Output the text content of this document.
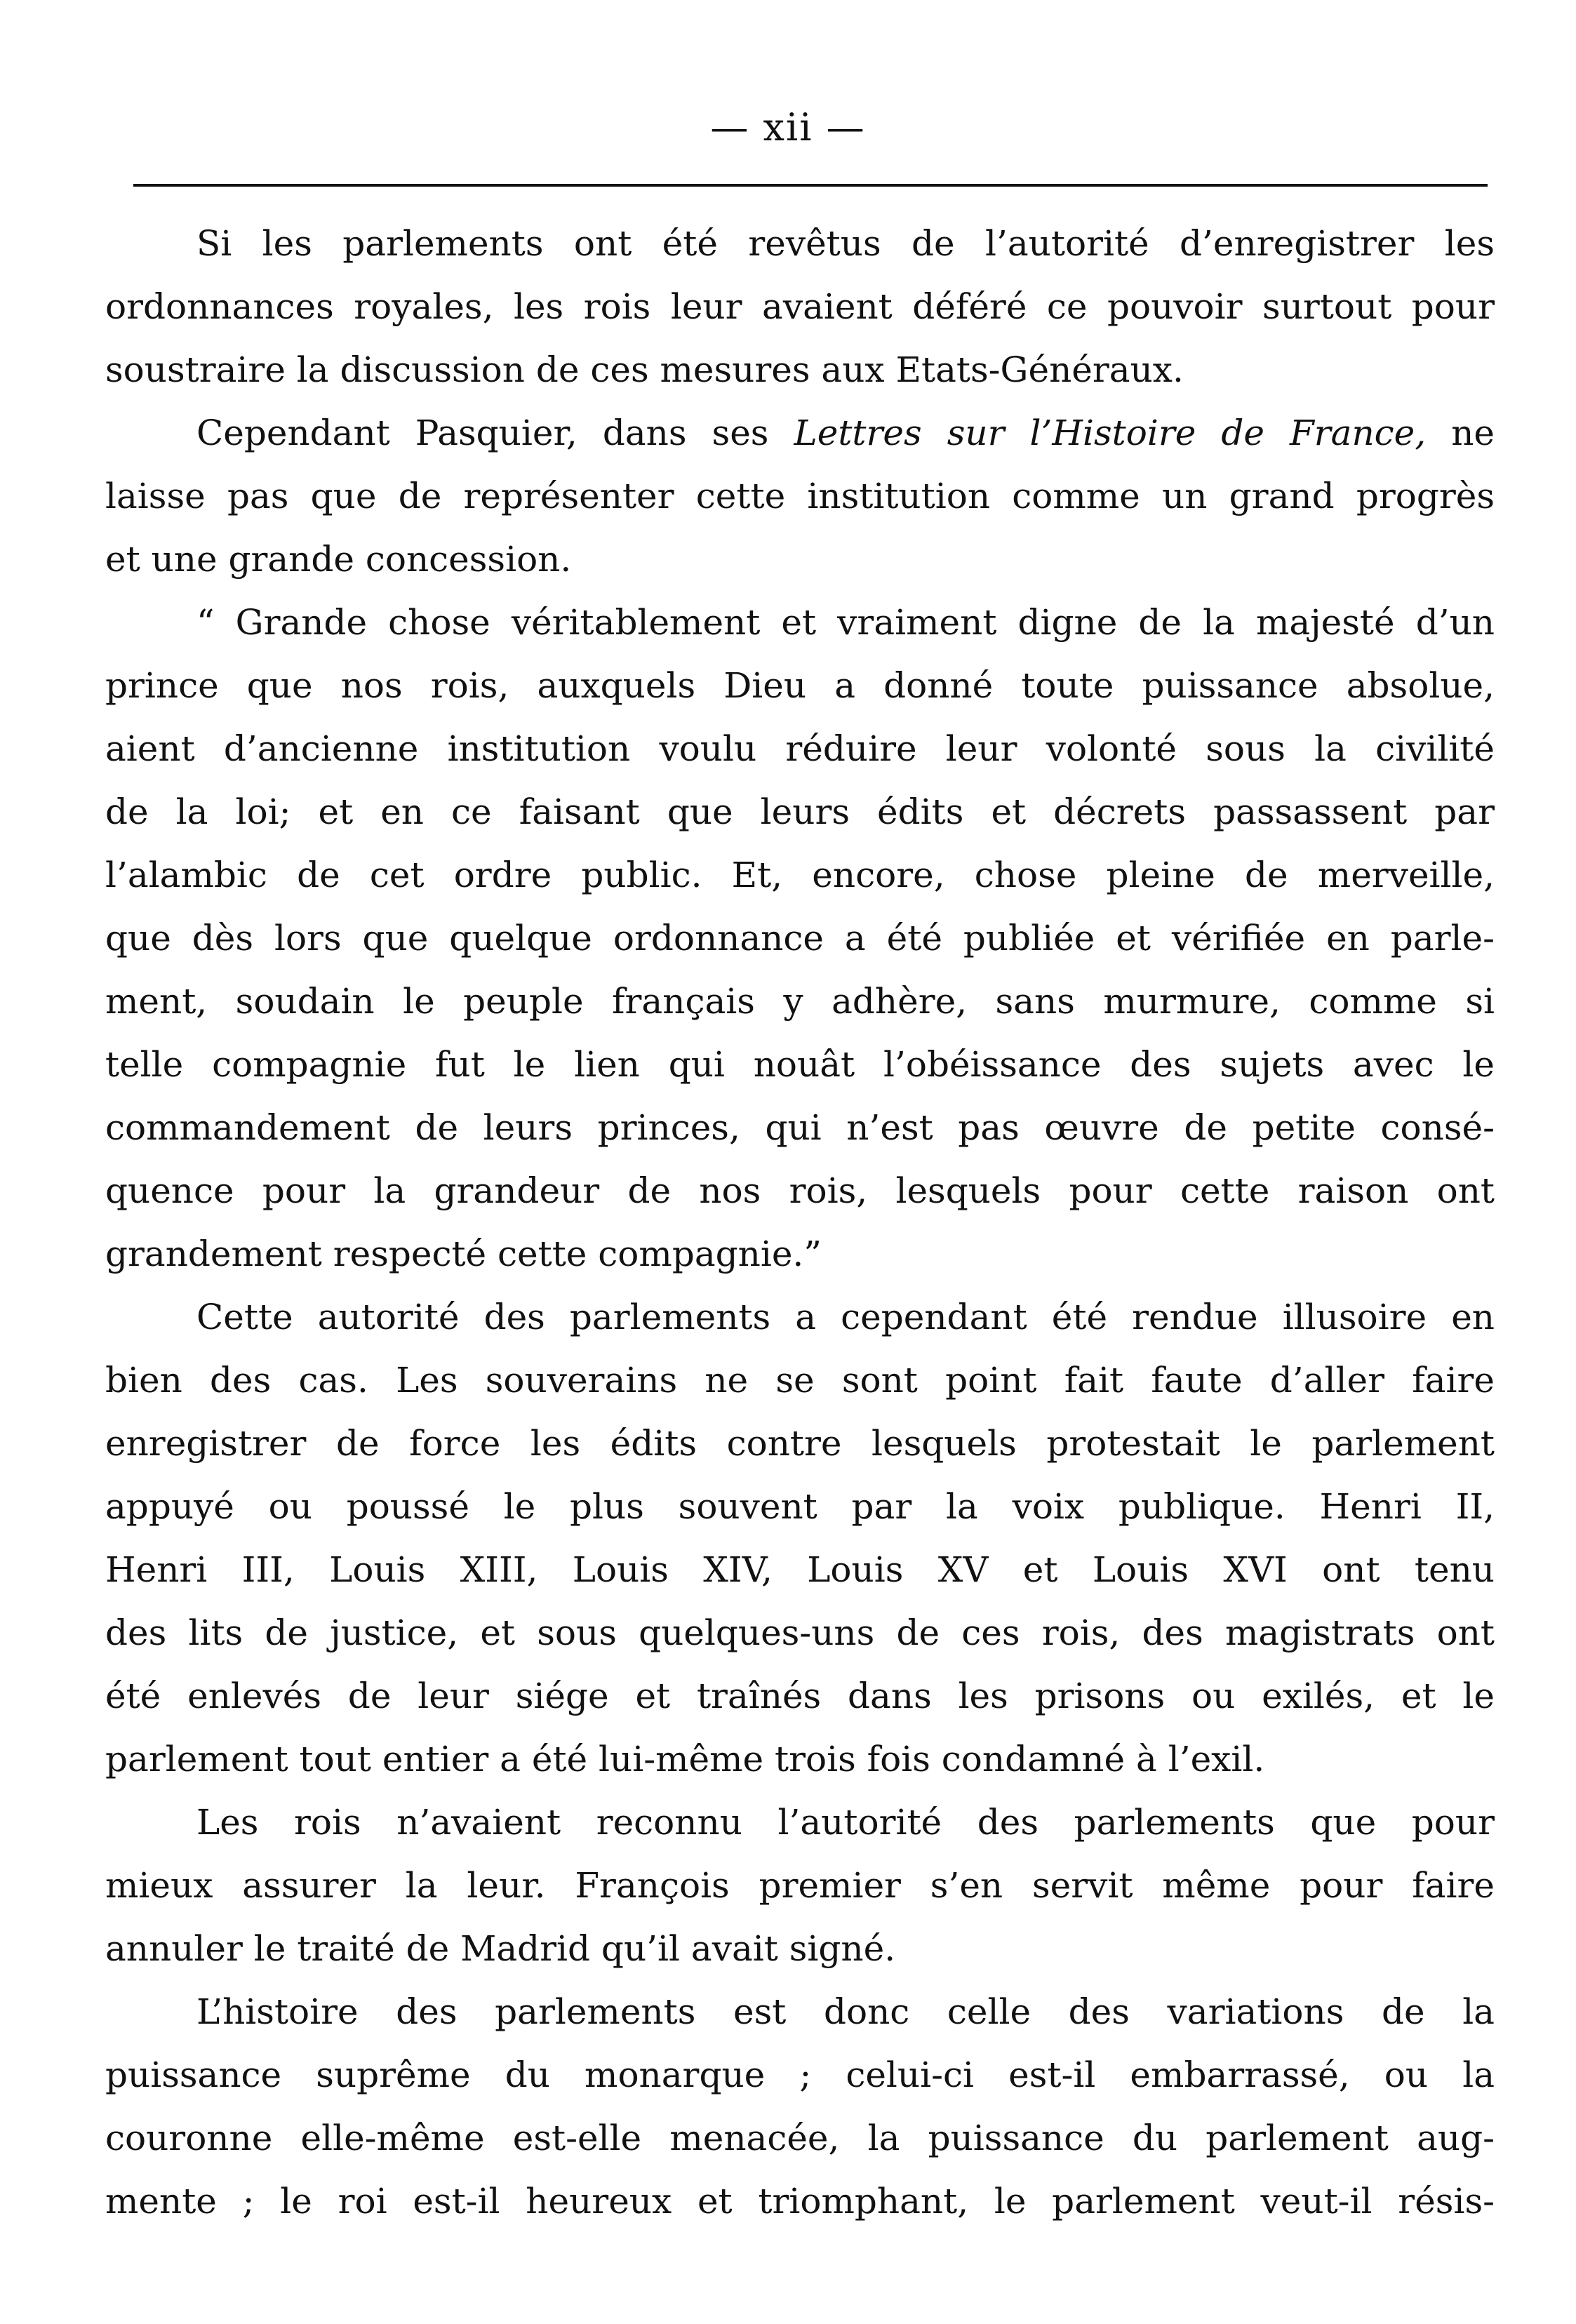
— xii —
Si les parlements ont été revêtus de l’autorité d’enregistrer les
ordonnances royales, les rois leur avaient déféré ce pouvoir surtout pour
soustraire la discussion de ces mesures aux Etats-Généraux.
Cependant Pasquier, dans ses Lettres sur l’Histoire de France, ne
laisse pas que de représenter cette institution comme un grand progrès
et une grande concession.
“ Grande chose véritablement et vraiment digne de la majesté d’un
prince que nos rois, auxquels Dieu a donné toute puissance absolue,
aient d’ancienne institution voulu réduire leur volonté sous la civilité
de la loi; et en ce faisant que leurs édits et décrets passassent par
l’alambic de cet ordre public. Et, encore, chose pleine de merveille,
que dès lors que quelque ordonnance a été publiée et vérifiée en parle-
ment, soudain le peuple français y adhère, sans murmure, comme si
telle compagnie fut le lien qui nouât l’obéissance des sujets avec le
commandement de leurs princes, qui n’est pas œuvre de petite consé-
quence pour la grandeur de nos rois, lesquels pour cette raison ont
grandement respecté cette compagnie.”
Cette autorité des parlements a cependant été rendue illusoire en
bien des cas. Les souverains ne se sont point fait faute d’aller faire
enregistrer de force les édits contre lesquels protestait le parlement
appuyé ou poussé le plus souvent par la voix publique. Henri II,
Henri III, Louis XIII, Louis XIV, Louis XV et Louis XVI ont tenu
des lits de justice, et sous quelques-uns de ces rois, des magistrats ont
été enlevés de leur siége et traînés dans les prisons ou exilés, et le
parlement tout entier a été lui-même trois fois condamné à l’exil.
Les rois n’avaient reconnu l’autorité des parlements que pour
mieux assurer la leur. François premier s’en servit même pour faire
annuler le traité de Madrid qu’il avait signé.
L’histoire des parlements est donc celle des variations de la
puissance suprême du monarque ; celui-ci est-il embarrassé, ou la
couronne elle-même est-elle menacée, la puissance du parlement aug-
mente ; le roi est-il heureux et triomphant, le parlement veut-il résis-
